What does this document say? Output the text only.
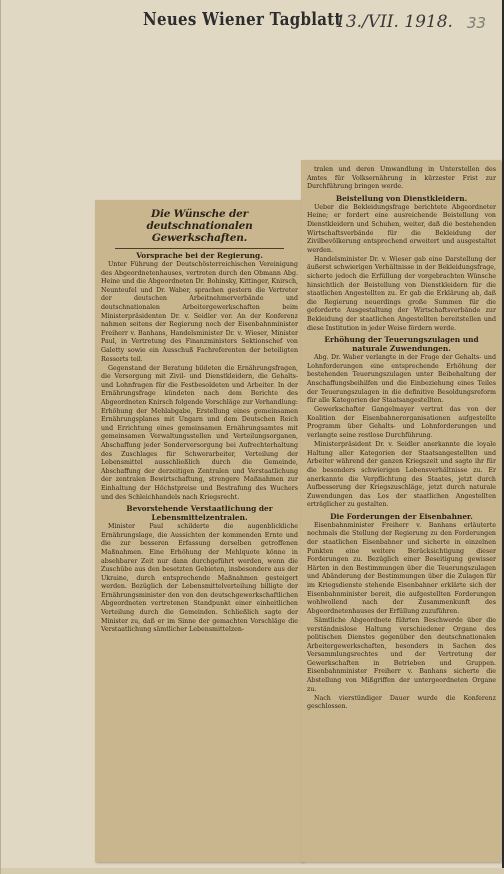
Neues Wiener Tagblatt
13./VII. 1918. 33
Die Wünsche der deutschnationalen Gewerkschaften.
Vorsprache bei der Regierung.

Unter Führung der Deutschösterreichischen Vereinigung des Abgeordnetenhauses, vertreten durch den Obmann Abg. Heine und die Abgeordneten Dr. Bohinsky, Kittinger, Knirsch, Neunteufel und Dr. Waber, sprachen gestern die Vertreter der deutschen Arbeitnehmerverbände und deutschnationalen Arbeitergewerkschaften beim Ministerpräsidenten Dr. v. Seidler vor. An der Konferenz nahmen seitens der Regierung noch der Eisenbahnminister Freiherr v. Banhans, Handelsminister Dr. v. Wieser, Minister Paul, in Vertretung des Finanzministers Sektionschef von Galetty sowie ein Ausschuß Fachreferenten der beteiligten Ressorts teil.

Gegenstand der Beratung bildeten die Ernährungsfragen, die Versorgung mit Zivil- und Dienstkleidern, die Gehalts- und Lohnfragen für die Festbesoldeten und Arbeiter. In der Ernährungsfrage kündeten nach dem Berichte des Abgeordneten Knirsch folgende Vorschläge zur Verhandlung: Erhöhung der Mehlabgabe, Erstellung eines gemeinsamen Ernährungsplanes mit Ungarn und dem Deutschen Reich und Errichtung eines gemeinsamen Ernährungsamtes mit gemeinsamen Verwaltungsstellen und Verteilungsorganen, Abschaffung jeder Sonderversorgung bei Aufrechterhaltung des Zuschlages für Schwerarbeiter, Verteilung der Lebensmittel ausschließlich durch die Gemeinde, Abschaffung der derzeitigen Zentralen und Verstaatlichung der zentralen Bewirtschaftung, strengere Maßnahmen zur Einhaltung der Höchstpreise und Bestrafung des Wuchers und des Schleichhandels nach Kriegsrecht.

Bevorstehende Verstaatlichung der Lebensmittelzentralen.

Minister Paul schilderte die augenblickliche Ernährungslage, die Aussichten der kommenden Ernte und die zur besseren Erfassung derselben getroffenen Maßnahmen. Eine Erhöhung der Mehlquote könne in absehbarer Zeit nur dann durchgeführt werden, wenn die Zuschübe aus den besetzten Gebieten, insbesondere aus der Ukraine, durch entsprechende Maßnahmen gesteigert werden. Bezüglich der Lebensmittelverteilung billigte der Ernährungsminister den von den deutschgewerkschaftlichen Abgeordneten vertretenen Standpunkt einer einheitlichen Verteilung durch die Gemeinden. Schließlich sagte der Minister zu, daß er im Sinne der gemachten Vorschläge die Verstaatlichung sämtlicher Lebensmittelzen-

tralen und deren Umwandlung in Unterstellen des Amtes für Volksernährung in kürzester Frist zur Durchführung bringen werde.

Beistellung von Dienstkleidern.

Ueber die Bekleidungsfrage berichtete Abgeordneter Heine; er fordert eine ausreichende Beistellung von Dienstkleidern und Schuhen, weiter, daß die bestehenden Wirtschaftsverbände für die Bekleidung der Zivilbevölkerung entsprechend erweitert und ausgestaltet werden.

Handelsminister Dr. v. Wieser gab eine Darstellung der äußerst schwierigen Verhältnisse in der Bekleidungsfrage, sicherte jedoch die Erfüllung der vorgebrachten Wünsche hinsichtlich der Beistellung von Dienstkleidern für die staatlichen Angestellten zu. Er gab die Erklärung ab, daß die Regierung neuerdings große Summen für die geforderte Ausgestaltung der Wirtschaftsverbände zur Bekleidung der staatlichen Angestellten bereitstellen und diese Institution in jeder Weise fördern werde.

Erhöhung der Teuerungszulagen und naturale Zuwendungen.

Abg. Dr. Waber verlangte in der Frage der Gehalts- und Lohnforderungen eine entsprechende Erhöhung der bestehenden Teuerungszulagen unter Beibehaltung der Anschaffungsbeihilfen und die Einbeziehung eines Teiles der Teuerungszulagen in die definitive Besoldungsreform für alle Kategorien der Staatsangestellten.

Gewerkschafter Gangelmayer vertrat das von der Koalition der Eisenbahnerorganisationen aufgestellte Programm über Gehalts- und Lohnforderungen und verlangte seine restlose Durchführung.

Ministerpräsident Dr. v. Seidler anerkannte die loyale Haltung aller Kategorien der Staatsangestellten und Arbeiter während der ganzen Kriegszeit und sagte ihr für die besonders schwierigen Lebensverhältnisse zu. Er anerkannte die Verpflichtung des Staates, jetzt durch Aufbesserung der Kriegszuschläge, jetzt durch naturale Zuwendungen das Los der staatlichen Angestellten erträglicher zu gestalten.

Die Forderungen der Eisenbahner.

Eisenbahnminister Freiherr v. Banhans erläuterte nochmals die Stellung der Regierung zu den Forderungen der staatlichen Eisenbahner und sicherte in einzelnen Punkten eine weitere Berücksichtigung dieser Forderungen zu. Bezüglich einer Beseitigung gewisser Härten in den Bestimmungen über die Teuerungszulagen und Abänderung der Bestimmungen über die Zulagen für im Kriegsdienste stehende Eisenbahner erklärte sich der Eisenbahnminister bereit, die aufgestellten Forderungen wohlwollend nach der Zusammenkunft des Abgeordnetenhauses der Erfüllung zuzuführen.

Sämtliche Abgeordnete führten Beschwerde über die verständnislose Haltung verschiedener Organe des politischen Dienstes gegenüber den deutschnationalen Arbeitergewerkschaften, besonders in Sachen des Versammlungsrechtes und der Vertretung der Gewerkschaften in Betrieben und Gruppen. Eisenbahnminister Freiherr v. Banhans sicherte die Abstellung von Mißgriffen der untergeordneten Organe zu.

Nach vierstündiger Dauer wurde die Konferenz geschlossen.
